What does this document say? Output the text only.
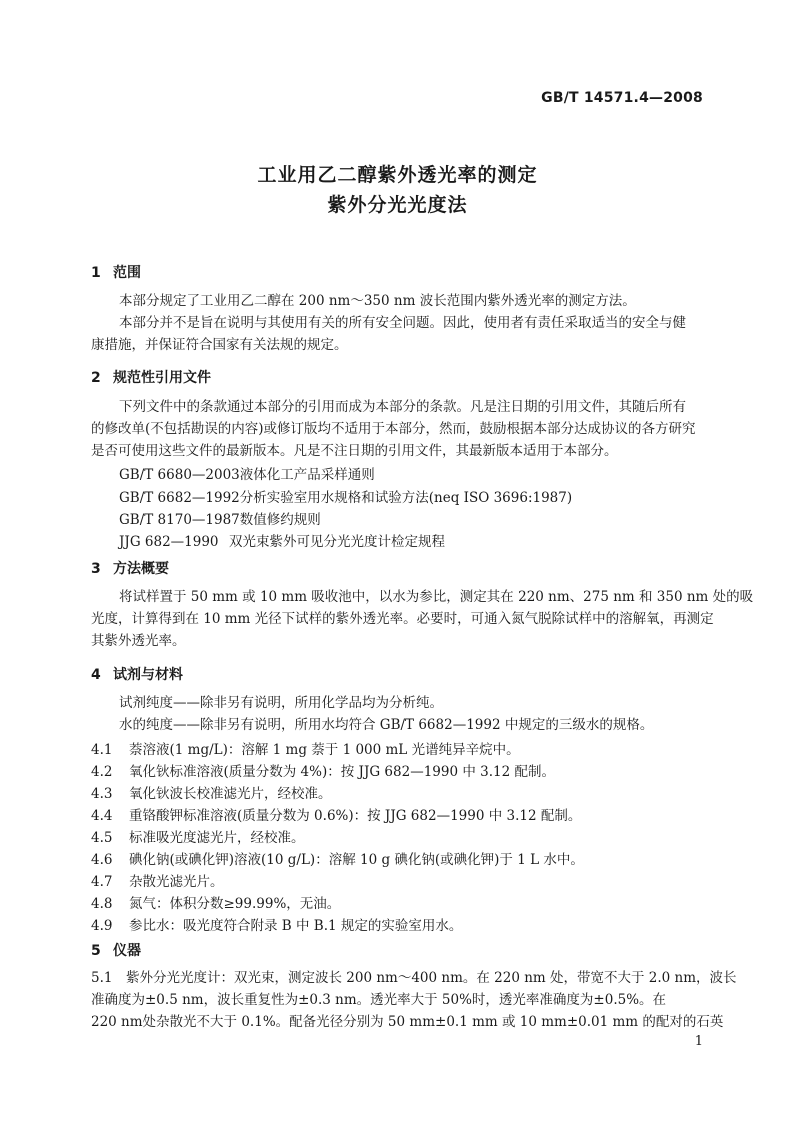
GB/T 14571.4—2008
工业用乙二醇紫外透光率的测定
紫外分光光度法
1 范围
本部分规定了工业用乙二醇在 200 nm～350 nm 波长范围内紫外透光率的测定方法。
本部分并不是旨在说明与其使用有关的所有安全问题。因此，使用者有责任采取适当的安全与健
康措施，并保证符合国家有关法规的规定。
2 规范性引用文件
下列文件中的条款通过本部分的引用而成为本部分的条款。凡是注日期的引用文件，其随后所有
的修改单(不包括勘误的内容)或修订版均不适用于本部分，然而，鼓励根据本部分达成协议的各方研究
是否可使用这些文件的最新版本。凡是不注日期的引用文件，其最新版本适用于本部分。
GB/T 6680—2003液体化工产品采样通则
GB/T 6682—1992分析实验室用水规格和试验方法(neq ISO 3696:1987)
GB/T 8170—1987数值修约规则
JJG 682—1990 双光束紫外可见分光光度计检定规程
3 方法概要
将试样置于 50 mm 或 10 mm 吸收池中，以水为参比，测定其在 220 nm、275 nm 和 350 nm 处的吸
光度，计算得到在 10 mm 光径下试样的紫外透光率。必要时，可通入氮气脱除试样中的溶解氧，再测定
其紫外透光率。
4 试剂与材料
试剂纯度——除非另有说明，所用化学品均为分析纯。
水的纯度——除非另有说明，所用水均符合 GB/T 6682—1992 中规定的三级水的规格。
4.1 萘溶液(1 mg/L)：溶解 1 mg 萘于 1 000 mL 光谱纯异辛烷中。
4.2 氧化钬标准溶液(质量分数为 4%)：按 JJG 682—1990 中 3.12 配制。
4.3 氧化钬波长校准滤光片，经校准。
4.4 重铬酸钾标准溶液(质量分数为 0.6%)：按 JJG 682—1990 中 3.12 配制。
4.5 标准吸光度滤光片，经校准。
4.6 碘化钠(或碘化钾)溶液(10 g/L)：溶解 10 g 碘化钠(或碘化钾)于 1 L 水中。
4.7 杂散光滤光片。
4.8 氮气：体积分数≥99.99%，无油。
4.9 参比水：吸光度符合附录 B 中 B.1 规定的实验室用水。
5 仪器
5.1　紫外分光光度计：双光束，测定波长 200 nm～400 nm。在 220 nm 处，带宽不大于 2.0 nm，波长
准确度为±0.5 nm，波长重复性为±0.3 nm。透光率大于 50%时，透光率准确度为±0.5%。在
220 nm处杂散光不大于 0.1%。配备光径分别为 50 mm±0.1 mm 或 10 mm±0.01 mm 的配对的石英
1
